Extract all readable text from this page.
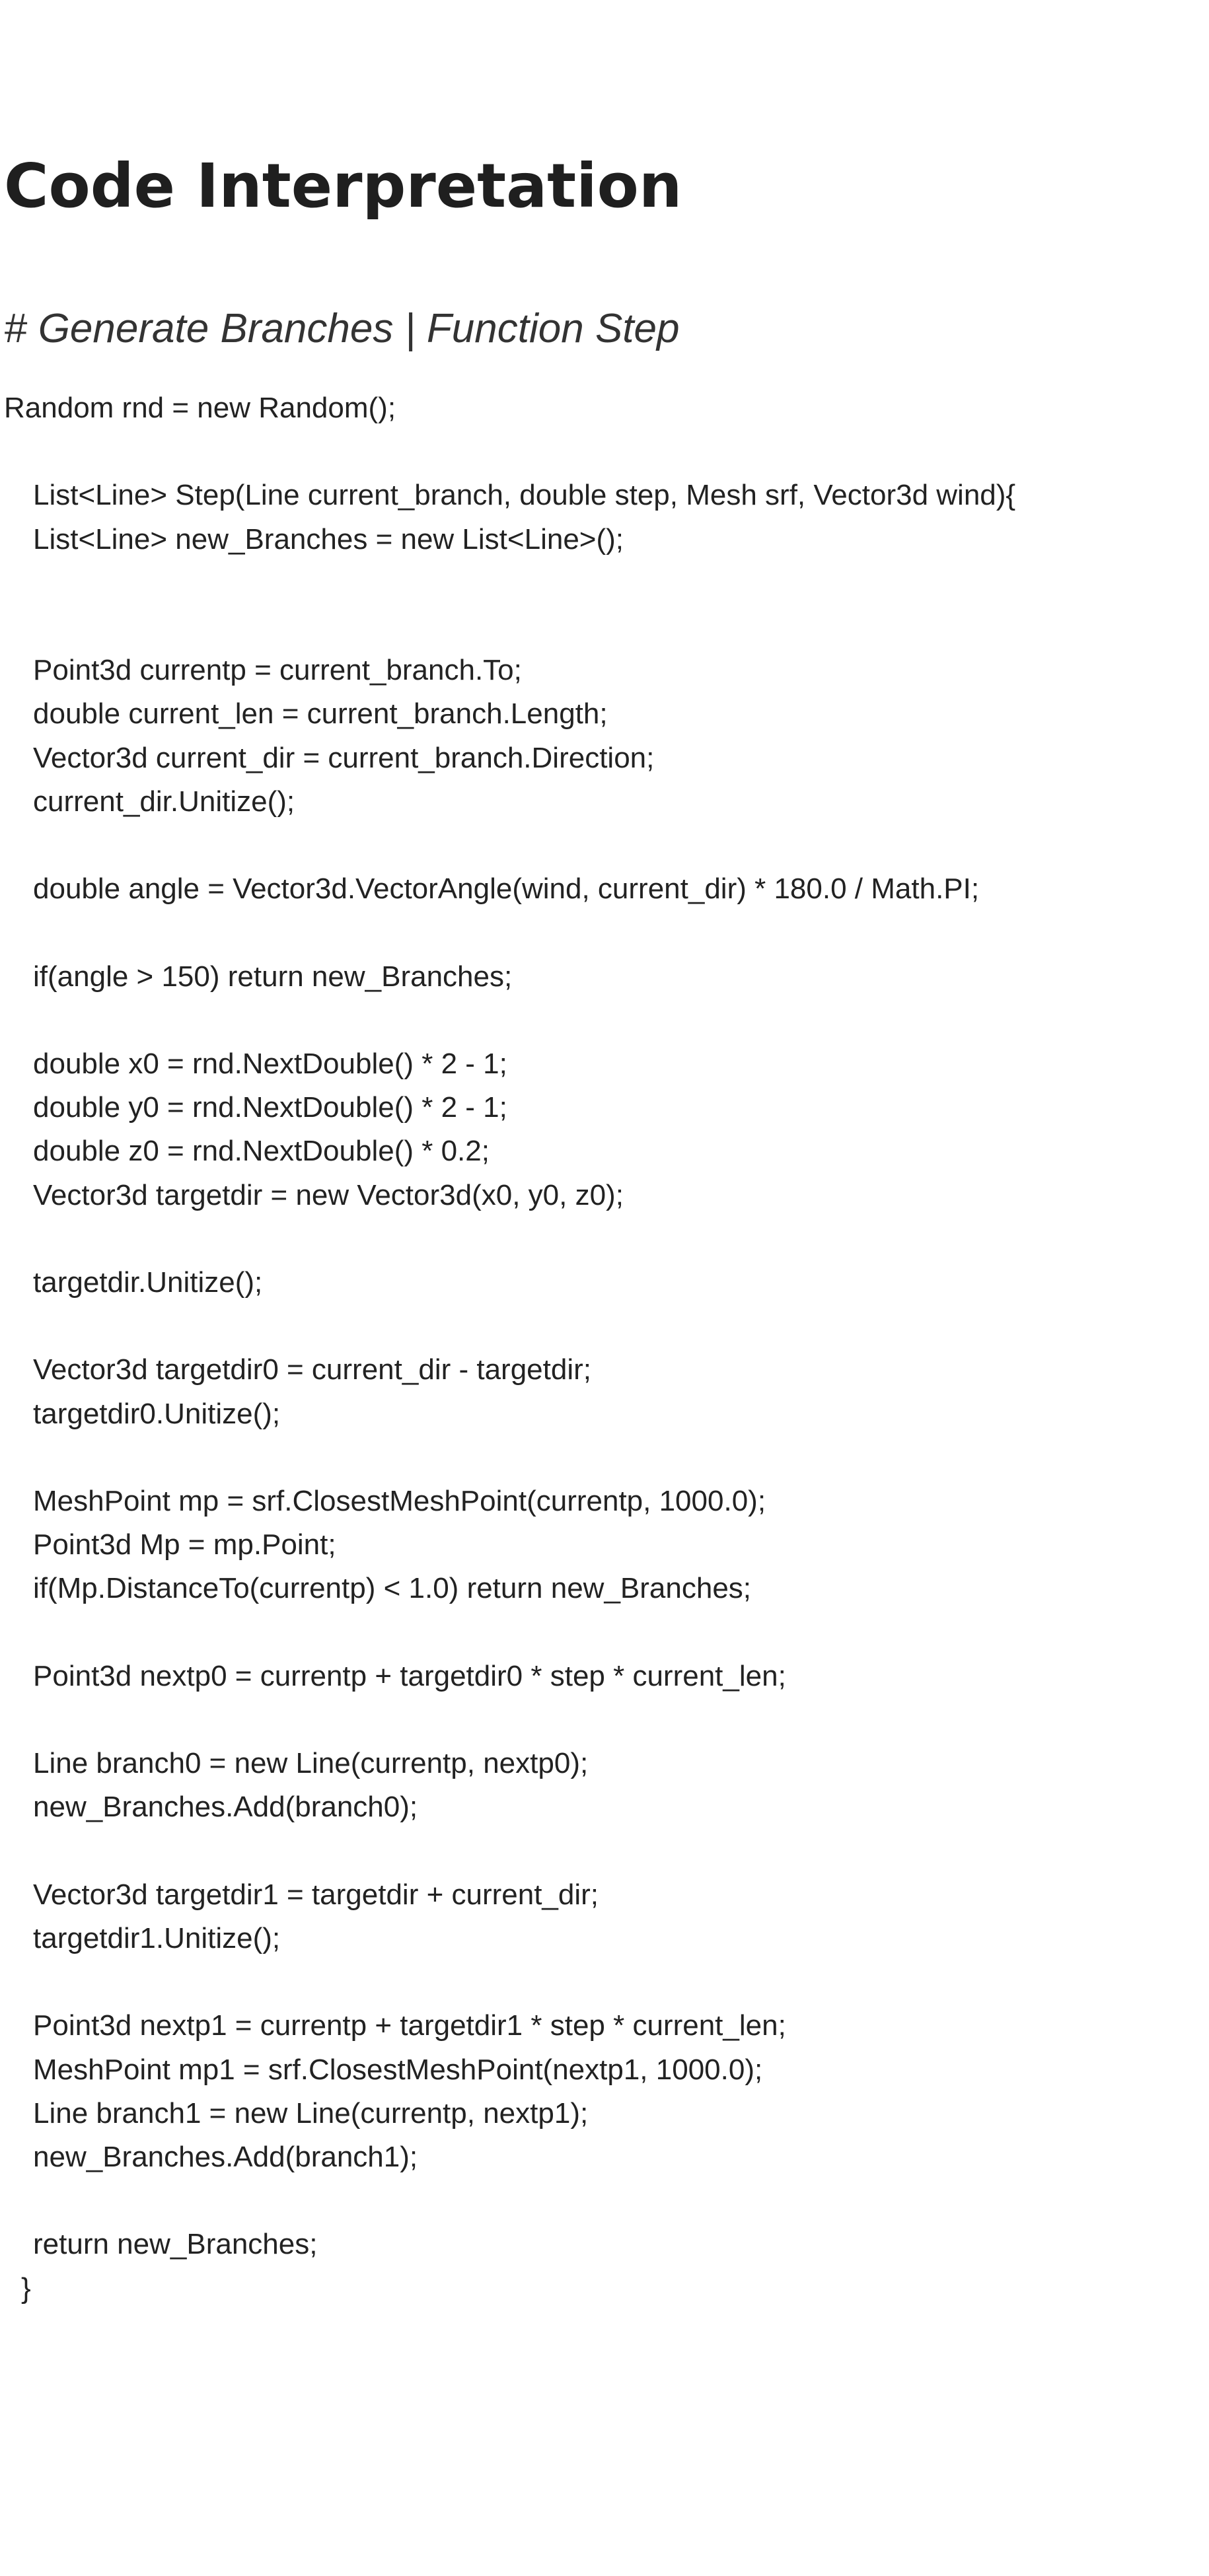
Code Interpretation
# Generate Branches | Function Step
Random rnd = new Random();
List<Line> Step(Line current_branch, double step, Mesh srf, Vector3d wind){
List<Line> new_Branches = new List<Line>();
Point3d currentp = current_branch.To;
double current_len = current_branch.Length;
Vector3d current_dir = current_branch.Direction;
current_dir.Unitize();
double angle = Vector3d.VectorAngle(wind, current_dir) * 180.0 / Math.PI;
if(angle > 150) return new_Branches;
double x0 = rnd.NextDouble() * 2 - 1;
double y0 = rnd.NextDouble() * 2 - 1;
double z0 = rnd.NextDouble() * 0.2;
Vector3d targetdir = new Vector3d(x0, y0, z0);
targetdir.Unitize();
Vector3d targetdir0 = current_dir - targetdir;
targetdir0.Unitize();
MeshPoint mp = srf.ClosestMeshPoint(currentp, 1000.0);
Point3d Mp = mp.Point;
if(Mp.DistanceTo(currentp) < 1.0) return new_Branches;
Point3d nextp0 = currentp + targetdir0 * step * current_len;
Line branch0 = new Line(currentp, nextp0);
new_Branches.Add(branch0);
Vector3d targetdir1 = targetdir + current_dir;
targetdir1.Unitize();
Point3d nextp1 = currentp + targetdir1 * step * current_len;
MeshPoint mp1 = srf.ClosestMeshPoint(nextp1, 1000.0);
Line branch1 = new Line(currentp, nextp1);
new_Branches.Add(branch1);
return new_Branches;
}
